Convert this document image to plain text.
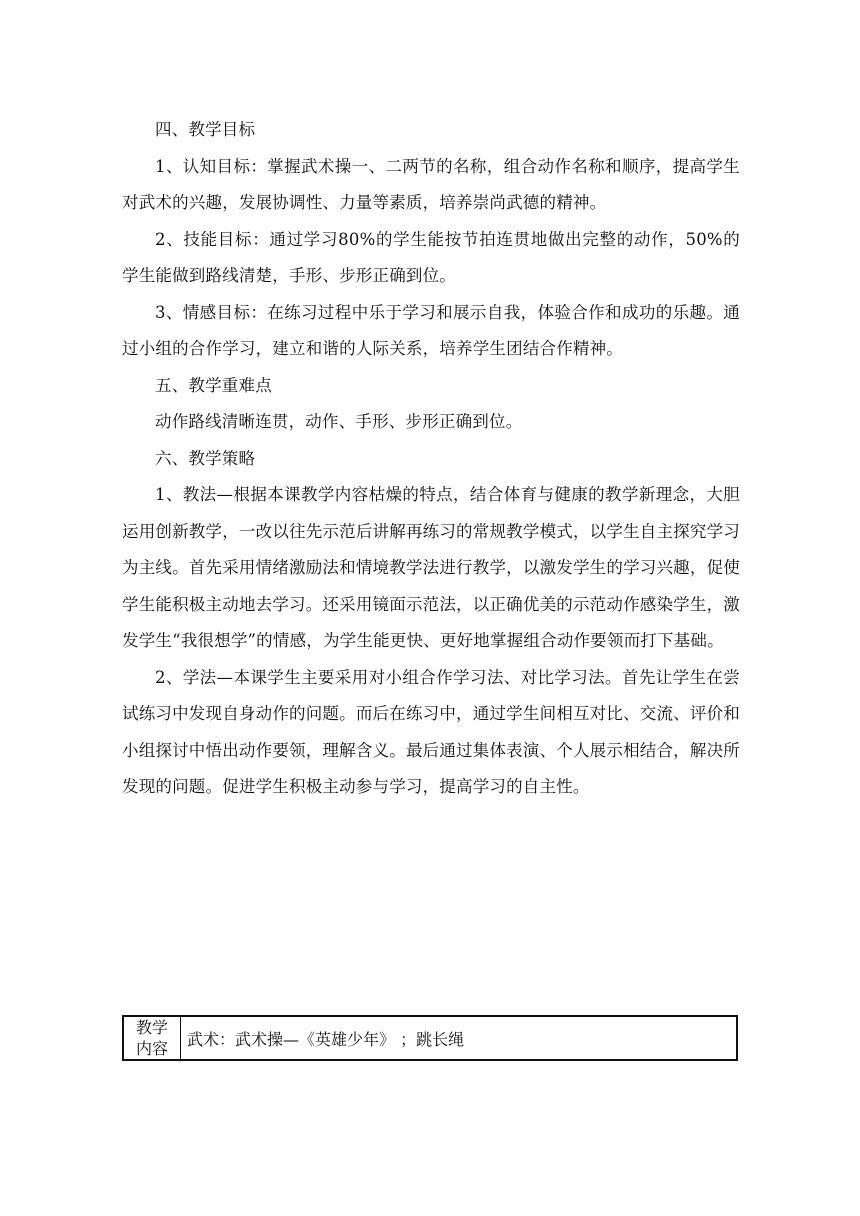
四、教学目标

1、认知目标：掌握武术操一、二两节的名称，组合动作名称和顺序，提高学生对武术的兴趣，发展协调性、力量等素质，培养崇尚武德的精神。

2、技能目标：通过学习80%的学生能按节拍连贯地做出完整的动作，50%的学生能做到路线清楚，手形、步形正确到位。

3、情感目标：在练习过程中乐于学习和展示自我，体验合作和成功的乐趣。通过小组的合作学习，建立和谐的人际关系，培养学生团结合作精神。

五、教学重难点

动作路线清晰连贯，动作、手形、步形正确到位。

六、教学策略

1、教法—根据本课教学内容枯燥的特点，结合体育与健康的教学新理念，大胆运用创新教学，一改以往先示范后讲解再练习的常规教学模式，以学生自主探究学习为主线。首先采用情绪激励法和情境教学法进行教学，以激发学生的学习兴趣，促使学生能积极主动地去学习。还采用镜面示范法，以正确优美的示范动作感染学生，激发学生“我很想学”的情感，为学生能更快、更好地掌握组合动作要领而打下基础。

2、学法—本课学生主要采用对小组合作学习法、对比学习法。首先让学生在尝试练习中发现自身动作的问题。而后在练习中，通过学生间相互对比、交流、评价和小组探讨中悟出动作要领，理解含义。最后通过集体表演、个人展示相结合，解决所发现的问题。促进学生积极主动参与学习，提高学习的自主性。

教学
内容	武术：武术操—《英雄少年》 ；跳长绳
